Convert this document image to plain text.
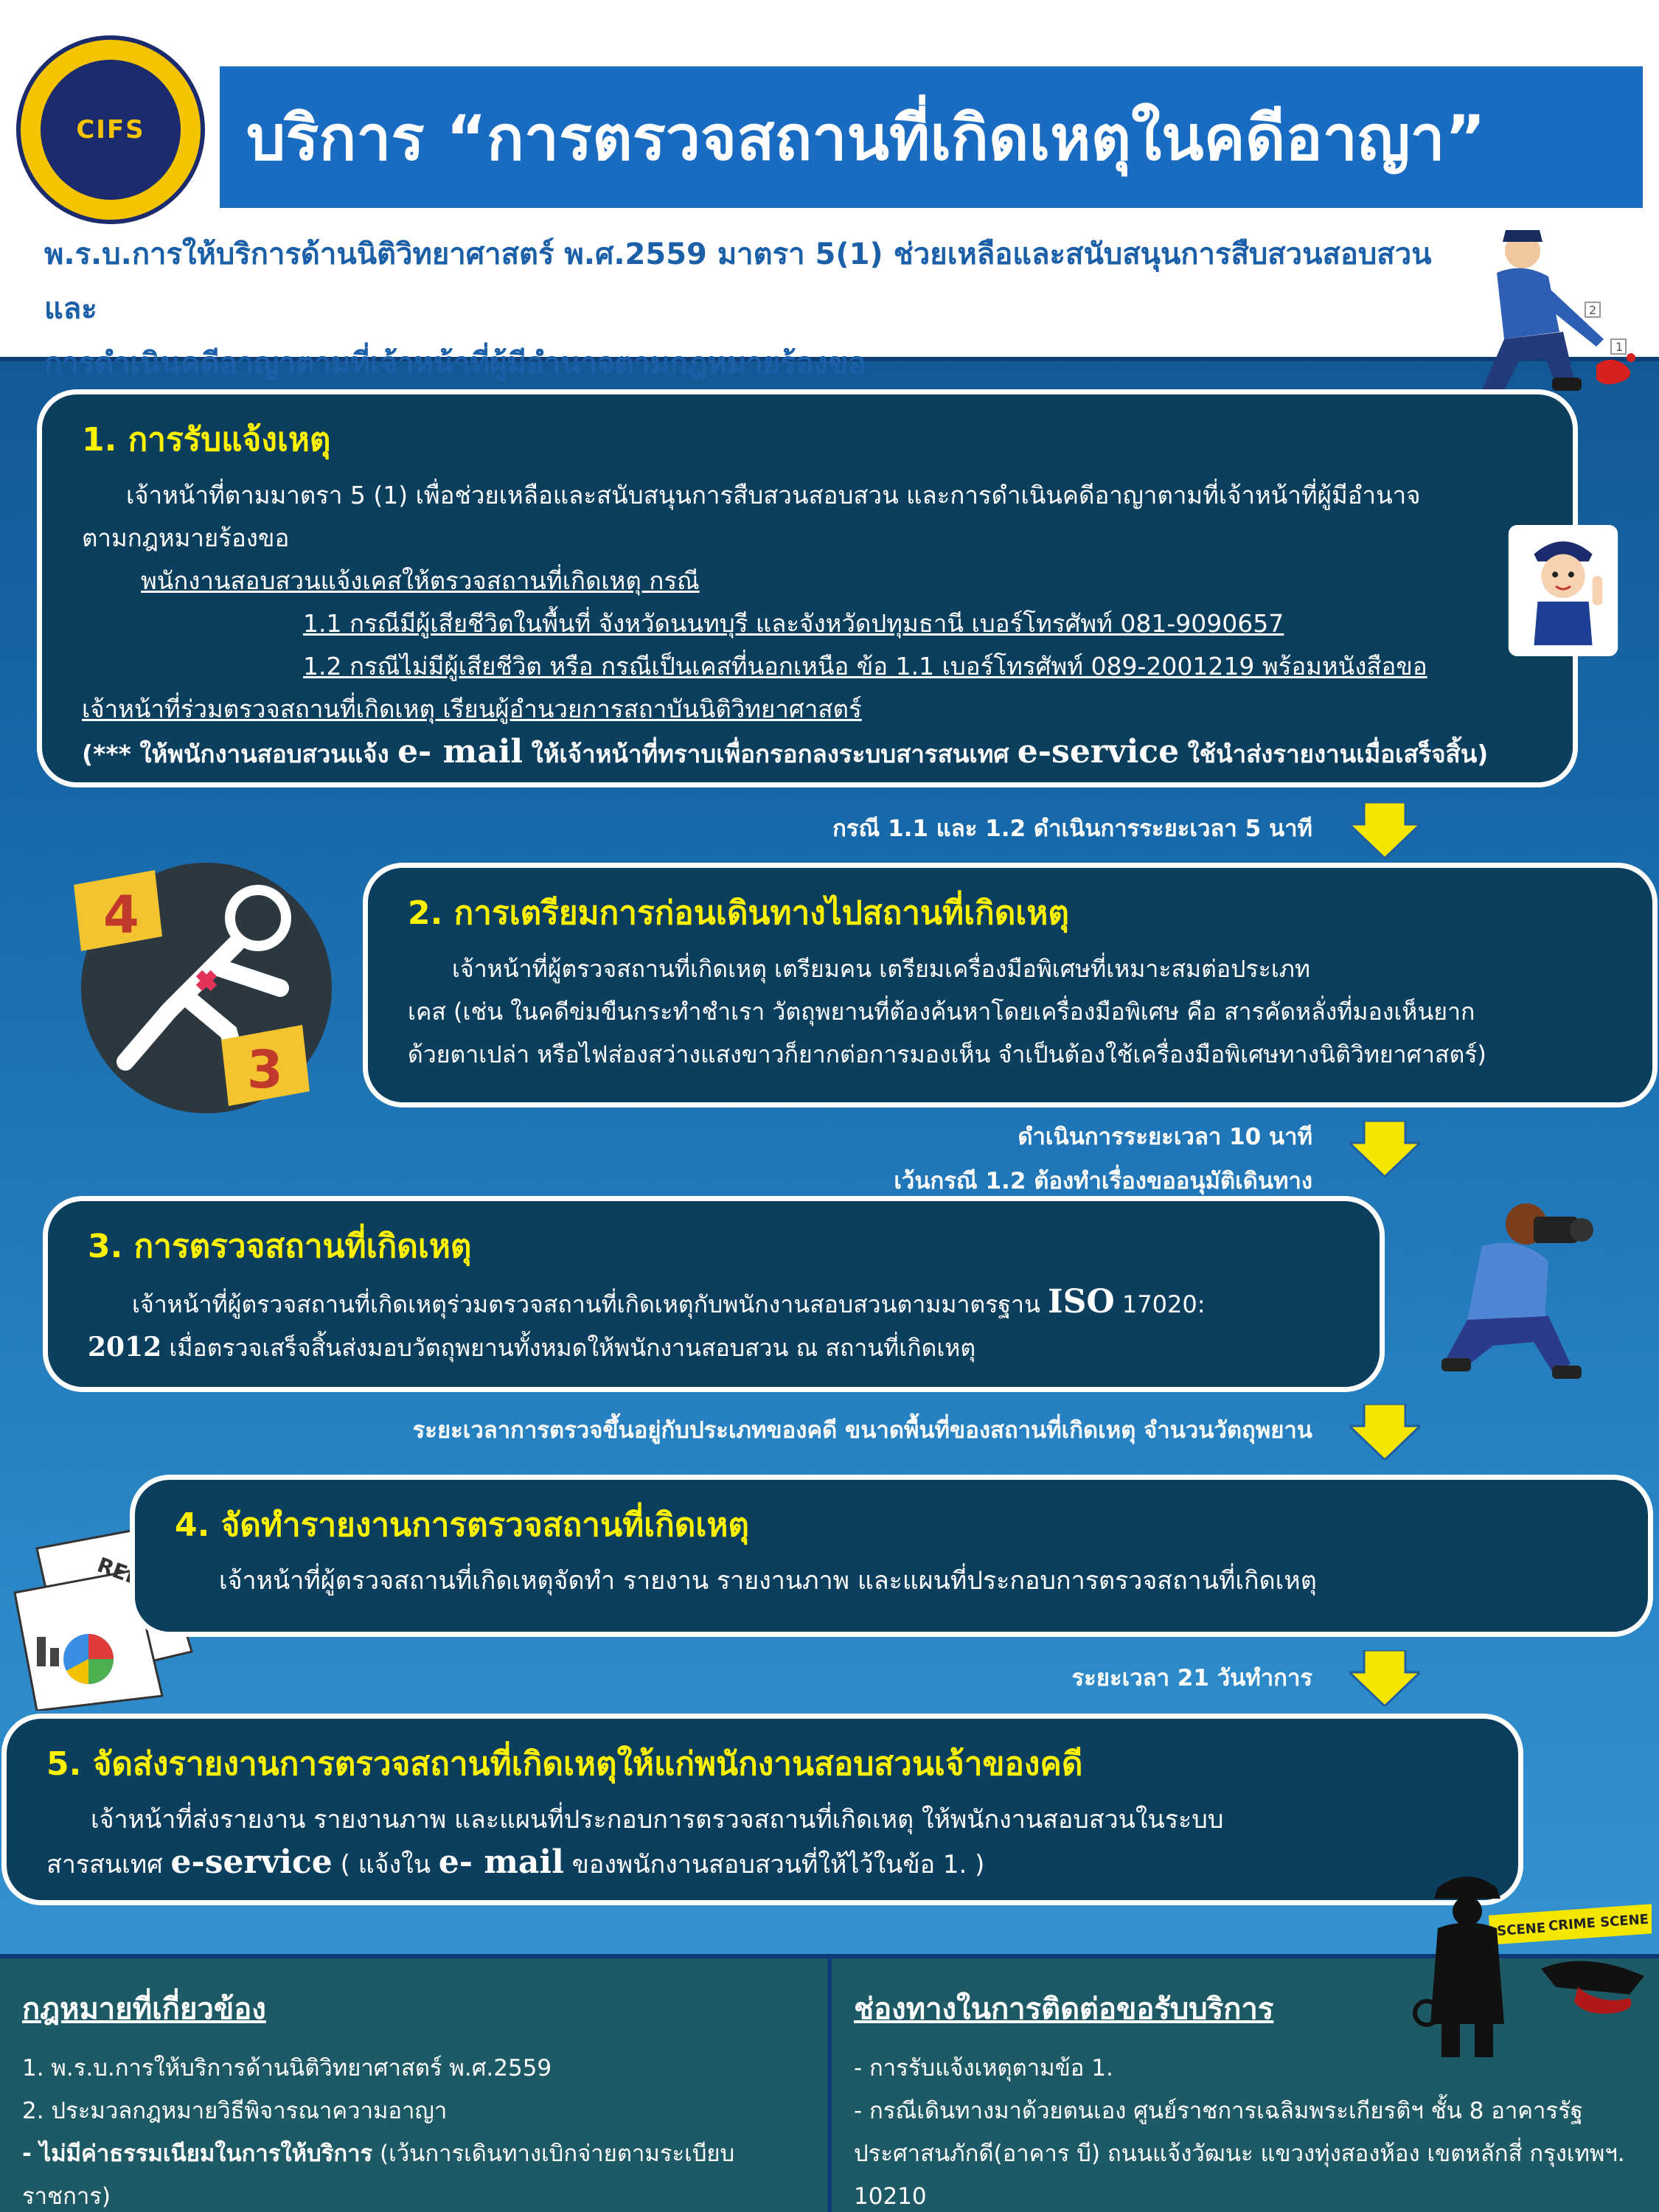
CIFS	บริการ “การตรวจสถานที่เกิดเหตุในคดีอาญา”
พ.ร.บ.การให้บริการด้านนิติวิทยาศาสตร์ พ.ศ.2559 มาตรา 5(1) ช่วยเหลือและสนับสนุนการสืบสวนสอบสวน และ
การดำเนินคดีอาญาตามที่เจ้าหน้าที่ผู้มีอำนาจตามกฎหมายร้องขอ
2
1
1. การรับแจ้งเหตุ
เจ้าหน้าที่ตามมาตรา 5 (1) เพื่อช่วยเหลือและสนับสนุนการสืบสวนสอบสวน และการดำเนินคดีอาญาตามที่เจ้าหน้าที่ผู้มีอำนาจ
ตามกฎหมายร้องขอ
พนักงานสอบสวนแจ้งเคสให้ตรวจสถานที่เกิดเหตุ กรณี
1.1 กรณีมีผู้เสียชีวิตในพื้นที่ จังหวัดนนทบุรี และจังหวัดปทุมธานี เบอร์โทรศัพท์ 081-9090657
1.2 กรณีไม่มีผู้เสียชีวิต หรือ กรณีเป็นเคสที่นอกเหนือ ข้อ 1.1 เบอร์โทรศัพท์ 089-2001219 พร้อมหนังสือขอ
เจ้าหน้าที่ร่วมตรวจสถานที่เกิดเหตุ เรียนผู้อำนวยการสถาบันนิติวิทยาศาสตร์
(*** ให้พนักงานสอบสวนแจ้ง e- mail ให้เจ้าหน้าที่ทราบเพื่อกรอกลงระบบสารสนเทศ e-service ใช้นำส่งรายงานเมื่อเสร็จสิ้น)
กรณี 1.1 และ 1.2 ดำเนินการระยะเวลา 5 นาที
4
3
2. การเตรียมการก่อนเดินทางไปสถานที่เกิดเหตุ
เจ้าหน้าที่ผู้ตรวจสถานที่เกิดเหตุ เตรียมคน เตรียมเครื่องมือพิเศษที่เหมาะสมต่อประเภท
เคส (เช่น ในคดีข่มขืนกระทำชำเรา วัตถุพยานที่ต้องค้นหาโดยเครื่องมือพิเศษ คือ สารคัดหลั่งที่มองเห็นยาก
ด้วยตาเปล่า หรือไฟส่องสว่างแสงขาวก็ยากต่อการมองเห็น จำเป็นต้องใช้เครื่องมือพิเศษทางนิติวิทยาศาสตร์)
ดำเนินการระยะเวลา 10 นาที
เว้นกรณี 1.2 ต้องทำเรื่องขออนุมัติเดินทาง
3. การตรวจสถานที่เกิดเหตุ
เจ้าหน้าที่ผู้ตรวจสถานที่เกิดเหตุร่วมตรวจสถานที่เกิดเหตุกับพนักงานสอบสวนตามมาตรฐาน ISO 17020:
2012 เมื่อตรวจเสร็จสิ้นส่งมอบวัตถุพยานทั้งหมดให้พนักงานสอบสวน ณ สถานที่เกิดเหตุ
ระยะเวลาการตรวจขึ้นอยู่กับประเภทของคดี ขนาดพื้นที่ของสถานที่เกิดเหตุ จำนวนวัตถุพยาน
4. จัดทำรายงานการตรวจสถานที่เกิดเหตุ
เจ้าหน้าที่ผู้ตรวจสถานที่เกิดเหตุจัดทำ รายงาน รายงานภาพ และแผนที่ประกอบการตรวจสถานที่เกิดเหตุ
ระยะเวลา 21 วันทำการ
5. จัดส่งรายงานการตรวจสถานที่เกิดเหตุให้แก่พนักงานสอบสวนเจ้าของคดี
เจ้าหน้าที่ส่งรายงาน รายงานภาพ และแผนที่ประกอบการตรวจสถานที่เกิดเหตุ ให้พนักงานสอบสวนในระบบ
สารสนเทศ e-service ( แจ้งใน e- mail ของพนักงานสอบสวนที่ให้ไว้ในข้อ 1. )
กฎหมายที่เกี่ยวข้อง

1. พ.ร.บ.การให้บริการด้านนิติวิทยาศาสตร์ พ.ศ.2559

2. ประมวลกฎหมายวิธีพิจารณาความอาญา

- ไม่มีค่าธรรมเนียมในการให้บริการ (เว้นการเดินทางเบิกจ่ายตามระเบียบ

ราชการ)

ช่องทางในการติดต่อขอรับบริการ

- การรับแจ้งเหตุตามข้อ 1.

- กรณีเดินทางมาด้วยตนเอง ศูนย์ราชการเฉลิมพระเกียรติฯ ชั้น 8 อาคารรัฐ

ประศาสนภักดี(อาคาร บี) ถนนแจ้งวัฒนะ แขวงทุ่งสองห้อง เขตหลักสี่ กรุงเทพฯ.

10210

SCENE CRIME SCENE
